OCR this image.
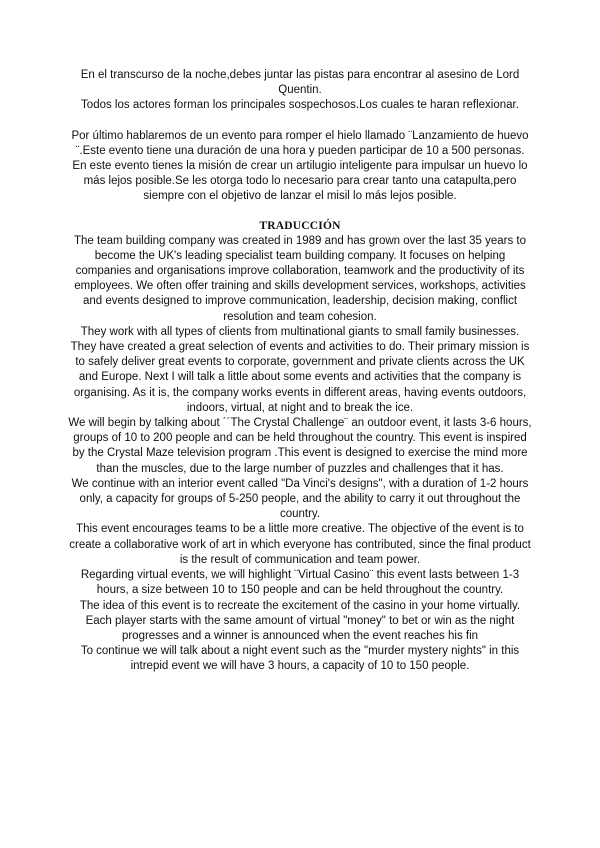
En el transcurso de la noche,debes juntar las pistas para encontrar al asesino de Lord Quentin.

Todos los actores forman los principales sospechosos.Los cuales te haran reflexionar.

Por último hablaremos de un evento para romper el hielo llamado ¨Lanzamiento de huevo ¨.Este evento tiene una duración de una hora y pueden participar de 10 a 500 personas.

En este evento tienes la misión de crear un artilugio inteligente para impulsar un huevo lo más lejos posible.Se les otorga todo lo necesario para crear tanto una catapulta,pero siempre con el objetivo de lanzar el misil lo más lejos posible.

TRADUCCIÓN

The team building company was created in 1989 and has grown over the last 35 years to become the UK's leading specialist team building company. It focuses on helping companies and organisations improve collaboration, teamwork and the productivity of its employees. We often offer training and skills development services, workshops, activities and events designed to improve communication, leadership, decision making, conflict resolution and team cohesion.

They work with all types of clients from multinational giants to small family businesses. They have created a great selection of events and activities to do. Their primary mission is to safely deliver great events to corporate, government and private clients across the UK and Europe. Next I will talk a little about some events and activities that the company is organising. As it is, the company works events in different areas, having events outdoors, indoors, virtual, at night and to break the ice.

We will begin by talking about ´´The Crystal Challenge¨ an outdoor event, it lasts 3-6 hours, groups of 10 to 200 people and can be held throughout the country. This event is inspired by the Crystal Maze television program .This event is designed to exercise the mind more than the muscles, due to the large number of puzzles and challenges that it has.

We continue with an interior event called "Da Vinci's designs", with a duration of 1-2 hours only, a capacity for groups of 5-250 people, and the ability to carry it out throughout the country.

This event encourages teams to be a little more creative. The objective of the event is to create a collaborative work of art in which everyone has contributed, since the final product is the result of communication and team power.

Regarding virtual events, we will highlight ¨Virtual Casino¨ this event lasts between 1-3 hours, a size between 10 to 150 people and can be held throughout the country.

The idea of this event is to recreate the excitement of the casino in your home virtually. Each player starts with the same amount of virtual "money" to bet or win as the night progresses and a winner is announced when the event reaches his fin

To continue we will talk about a night event such as the "murder mystery nights" in this intrepid event we will have 3 hours, a capacity of 10 to 150 people.
